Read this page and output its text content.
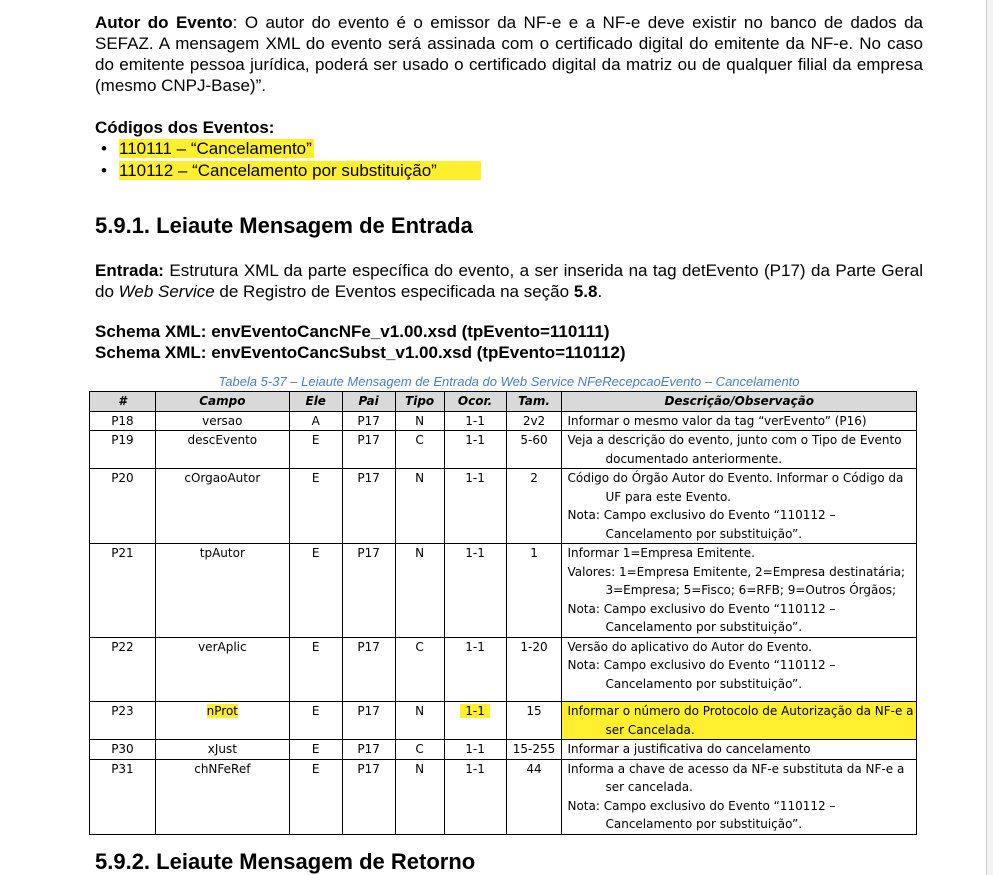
Autor do Evento: O autor do evento é o emissor da NF-e e a NF-e deve existir no banco de dados da SEFAZ. A mensagem XML do evento será assinada com o certificado digital do emitente da NF-e. No caso do emitente pessoa jurídica, poderá ser usado o certificado digital da matriz ou de qualquer filial da empresa (mesmo CNPJ-Base)”.

Códigos dos Eventos:
• 110111 – “Cancelamento”
• 110112 – “Cancelamento por substituição”
5.9.1. Leiaute Mensagem de Entrada

Entrada: Estrutura XML da parte específica do evento, a ser inserida na tag detEvento (P17) da Parte Geral do Web Service de Registro de Eventos especificada na seção 5.8.

Schema XML: envEventoCancNFe_v1.00.xsd (tpEvento=110111)
Schema XML: envEventoCancSubst_v1.00.xsd (tpEvento=110112)
Tabela 5-37 – Leiaute Mensagem de Entrada do Web Service NFeRecepcaoEvento – Cancelamento
#	Campo	Ele	Pai	Tipo	Ocor.	Tam.	Descrição/Observação
P18	versao	A	P17	N	1-1	2v2	Informar o mesmo valor da tag “verEvento” (P16)

P19	descEvento	E	P17	C	1-1	5-60	Veja a descrição do evento, junto com o Tipo de Evento documentado anteriormente.

P20	cOrgaoAutor	E	P17	N	1-1	2	Código do Órgão Autor do Evento. Informar o Código da UF para este Evento.
Nota: Campo exclusivo do Evento “110112 – Cancelamento por substituição”.

P21	tpAutor	E	P17	N	1-1	1	Informar 1=Empresa Emitente.
Valores: 1=Empresa Emitente, 2=Empresa destinatária; 3=Empresa; 5=Fisco; 6=RFB; 9=Outros Órgãos;
Nota: Campo exclusivo do Evento “110112 – Cancelamento por substituição”.

P22	verAplic	E	P17	C	1-1	1-20	Versão do aplicativo do Autor do Evento.
Nota: Campo exclusivo do Evento “110112 – Cancelamento por substituição”.

P23	nProt	E	P17	N	1-1	15	Informar o número do Protocolo de Autorização da NF-e a ser Cancelada.

P30	xJust	E	P17	C	1-1	15-255	Informar a justificativa do cancelamento

P31	chNFeRef	E	P17	N	1-1	44	Informa a chave de acesso da NF-e substituta da NF-e a ser cancelada.
Nota: Campo exclusivo do Evento “110112 – Cancelamento por substituição”.
5.9.2. Leiaute Mensagem de Retorno
